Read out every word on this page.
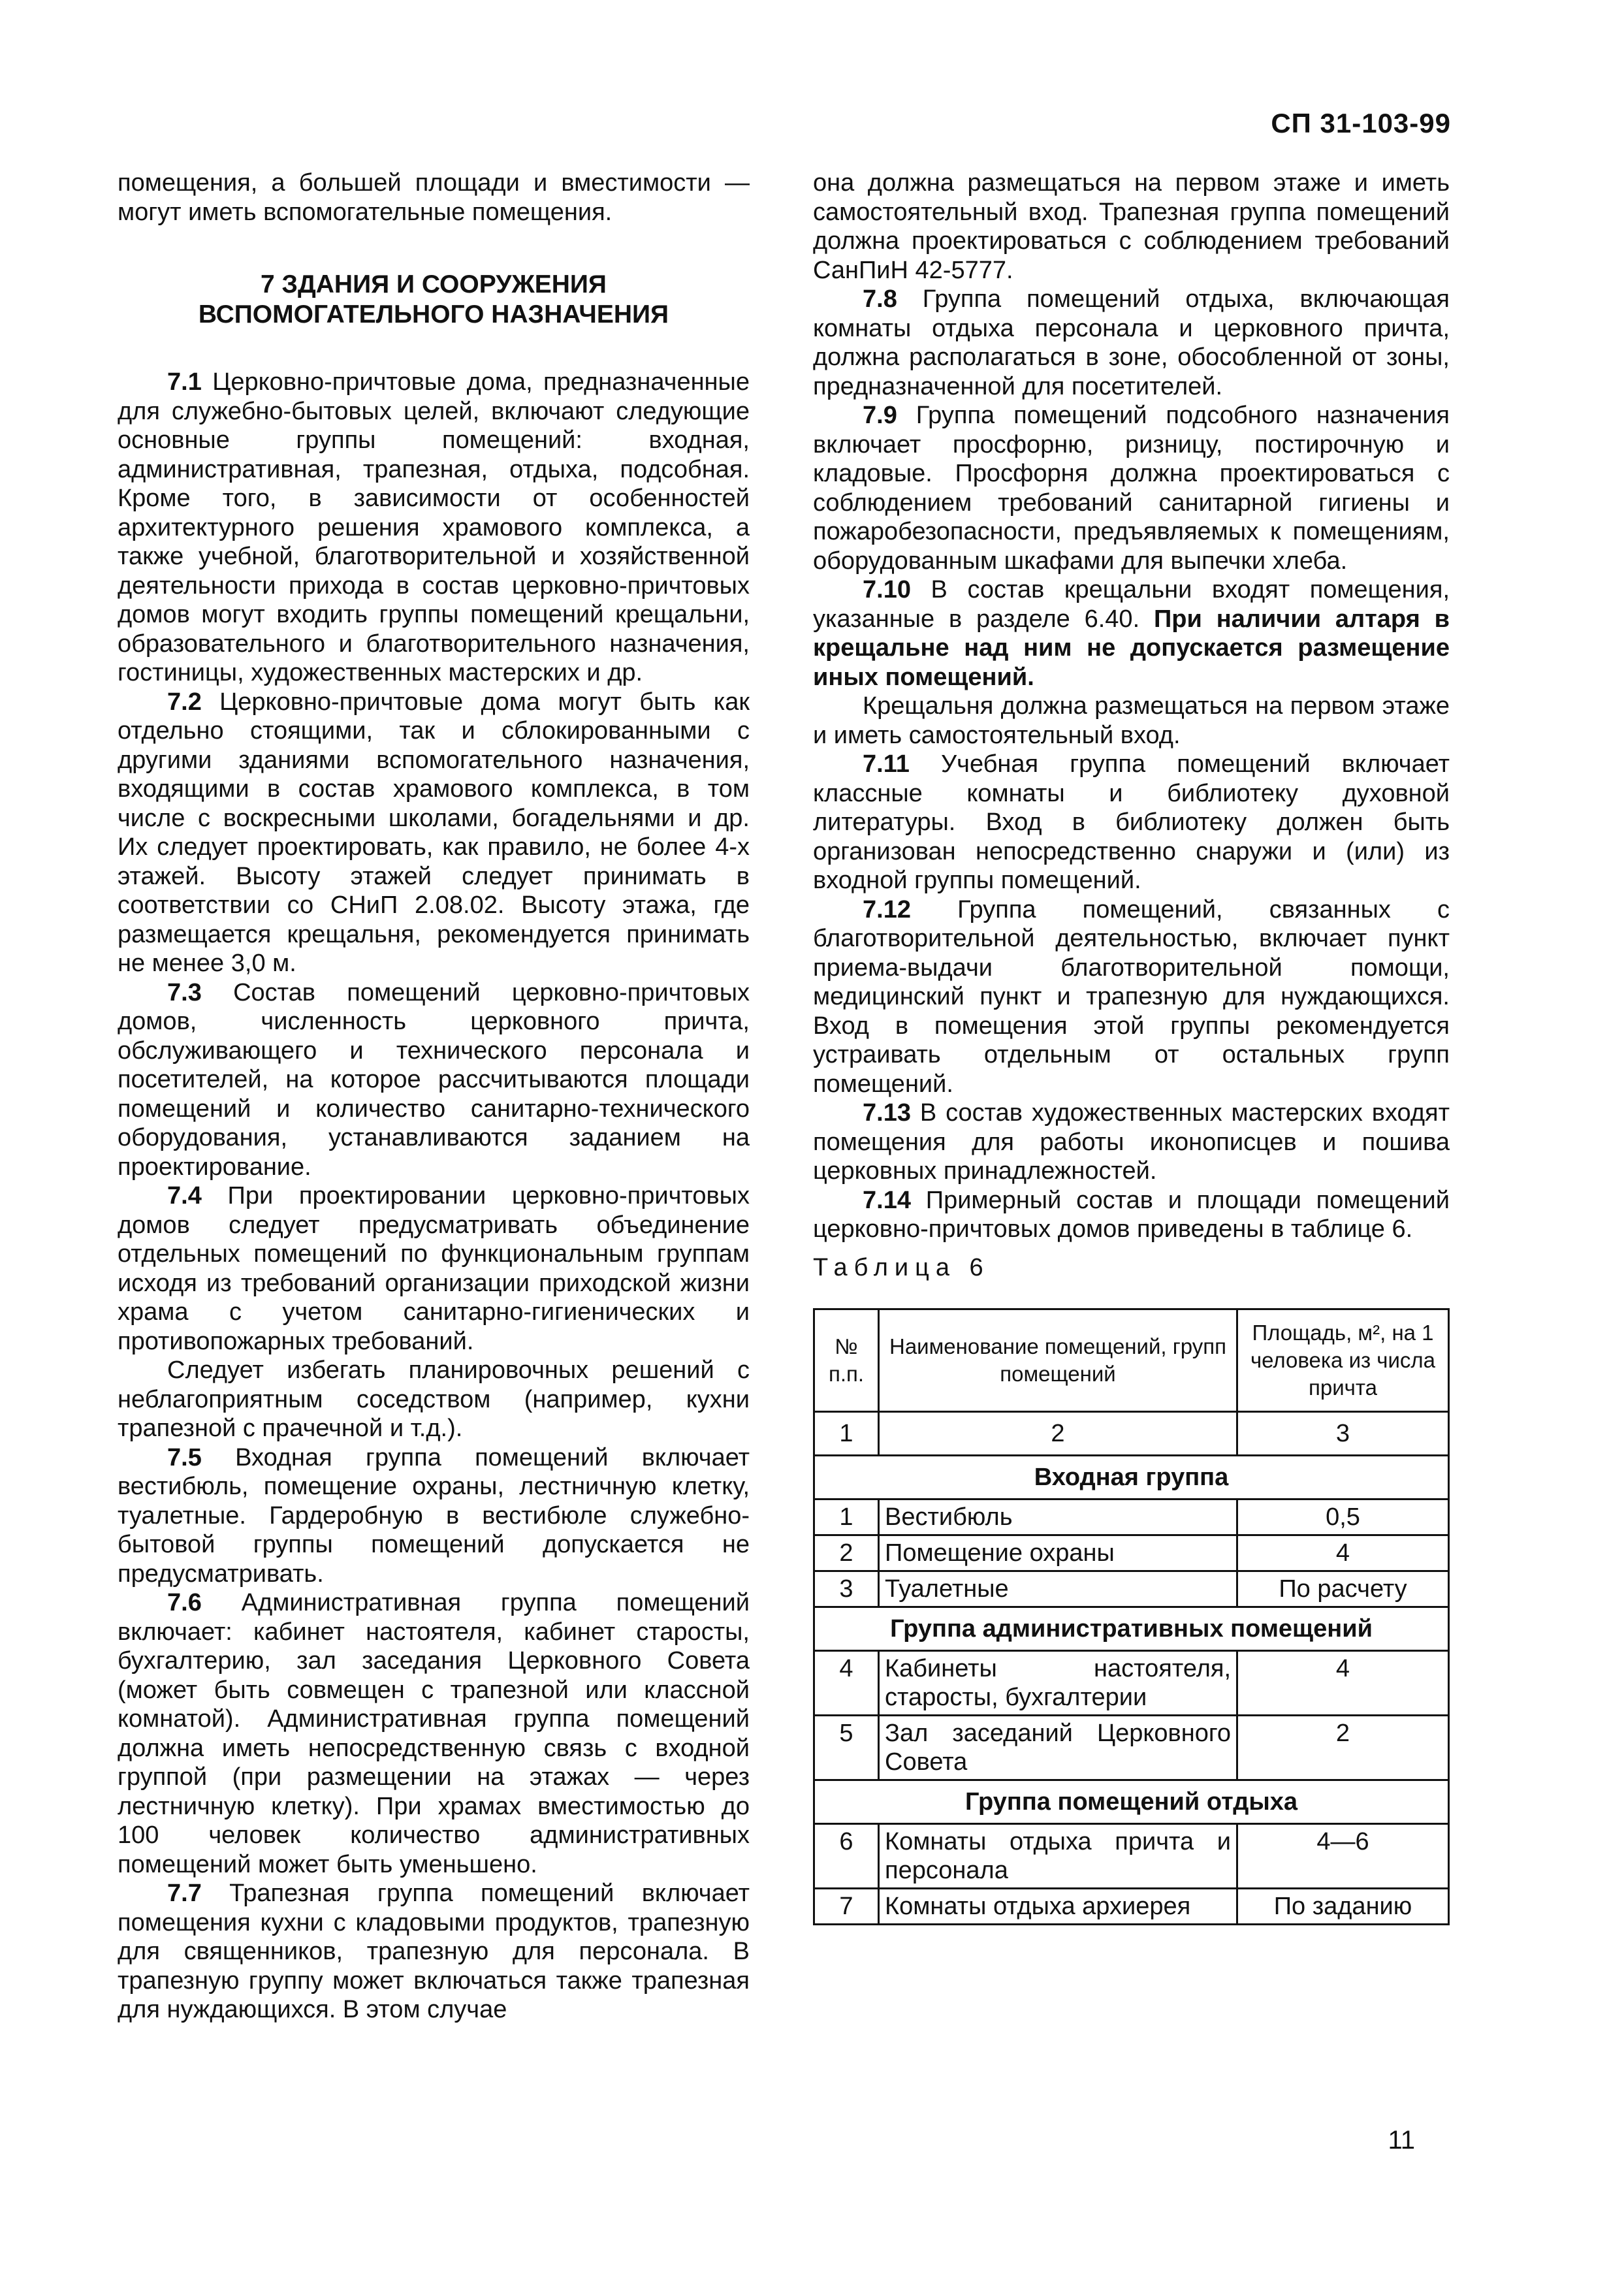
СП 31-103-99

помещения, а большей площади и вместимости — могут иметь вспомогательные помещения.

7 ЗДАНИЯ И СООРУЖЕНИЯ
ВСПОМОГАТЕЛЬНОГО НАЗНАЧЕНИЯ

7.1 Церковно-причтовые дома, предназначенные для служебно-бытовых целей, включают следующие основные группы помещений: входная, административная, трапезная, отдыха, подсобная. Кроме того, в зависимости от особенностей архитектурного решения храмового комплекса, а также учебной, благотворительной и хозяйственной деятельности прихода в состав церковно-причтовых домов могут входить группы помещений крещальни, образовательного и благотворительного назначения, гостиницы, художественных мастерских и др.

7.2 Церковно-причтовые дома могут быть как отдельно стоящими, так и сблокированными с другими зданиями вспомогательного назначения, входящими в состав храмового комплекса, в том числе с воскресными школами, богадельнями и др. Их следует проектировать, как правило, не более 4-х этажей. Высоту этажей следует принимать в соответствии со СНиП 2.08.02. Высоту этажа, где размещается крещальня, рекомендуется принимать не менее 3,0 м.

7.3 Состав помещений церковно-причтовых домов, численность церковного причта, обслуживающего и технического персонала и посетителей, на которое рассчитываются площади помещений и количество санитарно-технического оборудования, устанавливаются заданием на проектирование.

7.4 При проектировании церковно-причтовых домов следует предусматривать объединение отдельных помещений по функциональным группам исходя из требований организации приходской жизни храма с учетом санитарно-гигиенических и противопожарных требований.

Следует избегать планировочных решений с неблагоприятным соседством (например, кухни трапезной с прачечной и т.д.).

7.5 Входная группа помещений включает вестибюль, помещение охраны, лестничную клетку, туалетные. Гардеробную в вестибюле служебно-бытовой группы помещений допускается не предусматривать.

7.6 Административная группа помещений включает: кабинет настоятеля, кабинет старосты, бухгалтерию, зал заседания Церковного Совета (может быть совмещен с трапезной или классной комнатой). Административная группа помещений должна иметь непосредственную связь с входной группой (при размещении на этажах — через лестничную клетку). При храмах вместимостью до 100 человек количество административных помещений может быть уменьшено.

7.7 Трапезная группа помещений включает помещения кухни с кладовыми продуктов, трапезную для священников, трапезную для персонала. В трапезную группу может включаться также трапезная для нуждающихся. В этом случае

она должна размещаться на первом этаже и иметь самостоятельный вход. Трапезная группа помещений должна проектироваться с соблюдением требований СанПиН 42-5777.

7.8 Группа помещений отдыха, включающая комнаты отдыха персонала и церковного причта, должна располагаться в зоне, обособленной от зоны, предназначенной для посетителей.

7.9 Группа помещений подсобного назначения включает просфорню, ризницу, постирочную и кладовые. Просфорня должна проектироваться с соблюдением требований санитарной гигиены и пожаробезопасности, предъявляемых к помещениям, оборудованным шкафами для выпечки хлеба.

7.10 В состав крещальни входят помещения, указанные в разделе 6.40. При наличии алтаря в крещальне над ним не допускается размещение иных помещений.

Крещальня должна размещаться на первом этаже и иметь самостоятельный вход.

7.11 Учебная группа помещений включает классные комнаты и библиотеку духовной литературы. Вход в библиотеку должен быть организован непосредственно снаружи и (или) из входной группы помещений.

7.12 Группа помещений, связанных с благотворительной деятельностью, включает пункт приема-выдачи благотворительной помощи, медицинский пункт и трапезную для нуждающихся. Вход в помещения этой группы рекомендуется устраивать отдельным от остальных групп помещений.

7.13 В состав художественных мастерских входят помещения для работы иконописцев и пошива церковных принадлежностей.

7.14 Примерный состав и площади помещений церковно-причтовых домов приведены в таблице 6.

Таблица 6
№ п.п.	Наименование помещений, групп помещений	Площадь, м², на 1 человека из числа причта
1	2	3
Входная группа		
1	Вестибюль	0,5
2	Помещение охраны	4
3	Туалетные	По расчету
Группа административных помещений		
4	Кабинеты настоятеля, старосты, бухгалтерии	4
5	Зал заседаний Церковного Совета	2
Группа помещений отдыха		
6	Комнаты отдыха причта и персонала	4—6
7	Комнаты отдыха архиерея	По заданию
11
